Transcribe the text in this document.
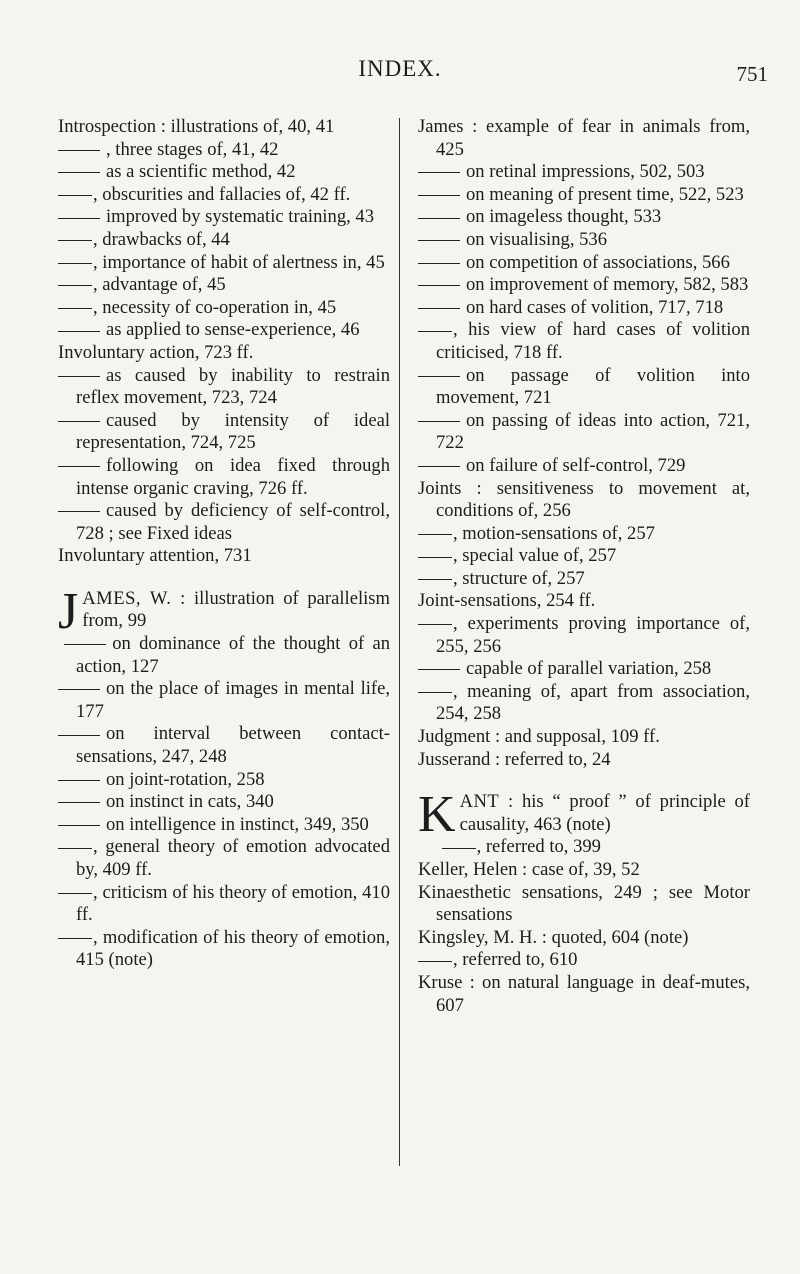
INDEX.	751

Introspection : illustrations of, 40, 41

, three stages of, 41, 42

as a scientific method, 42

, obscurities and fallacies of, 42 ff.

improved by systematic training, 43

, drawbacks of, 44

, importance of habit of alertness in, 45

, advantage of, 45

, necessity of co-operation in, 45

as applied to sense-experience, 46

Involuntary action, 723 ff.

as caused by inability to restrain reflex movement, 723, 724

caused by intensity of ideal representation, 724, 725

following on idea fixed through intense organic craving, 726 ff.

caused by deficiency of self-control, 728 ; see Fixed ideas

Involuntary attention, 731

JAMES, W. : illustration of parallelism from, 99

on dominance of the thought of an action, 127

on the place of images in mental life, 177

on interval between contact-sensations, 247, 248

on joint-rotation, 258

on instinct in cats, 340

on intelligence in instinct, 349, 350

, general theory of emotion advocated by, 409 ff.

, criticism of his theory of emotion, 410 ff.

, modification of his theory of emotion, 415 (note)

James : example of fear in animals from, 425

on retinal impressions, 502, 503

on meaning of present time, 522, 523

on imageless thought, 533

on visualising, 536

on competition of associations, 566

on improvement of memory, 582, 583

on hard cases of volition, 717, 718

, his view of hard cases of volition criticised, 718 ff.

on passage of volition into movement, 721

on passing of ideas into action, 721, 722

on failure of self-control, 729

Joints : sensitiveness to movement at, conditions of, 256

, motion-sensations of, 257

, special value of, 257

, structure of, 257

Joint-sensations, 254 ff.

, experiments proving importance of, 255, 256

capable of parallel variation, 258

, meaning of, apart from association, 254, 258

Judgment : and supposal, 109 ff.

Jusserand : referred to, 24

KANT : his “ proof ” of principle of causality, 463 (note)

, referred to, 399

Keller, Helen : case of, 39, 52

Kinaesthetic sensations, 249 ; see Motor sensations

Kingsley, M. H. : quoted, 604 (note)

, referred to, 610

Kruse : on natural language in deaf-mutes, 607
